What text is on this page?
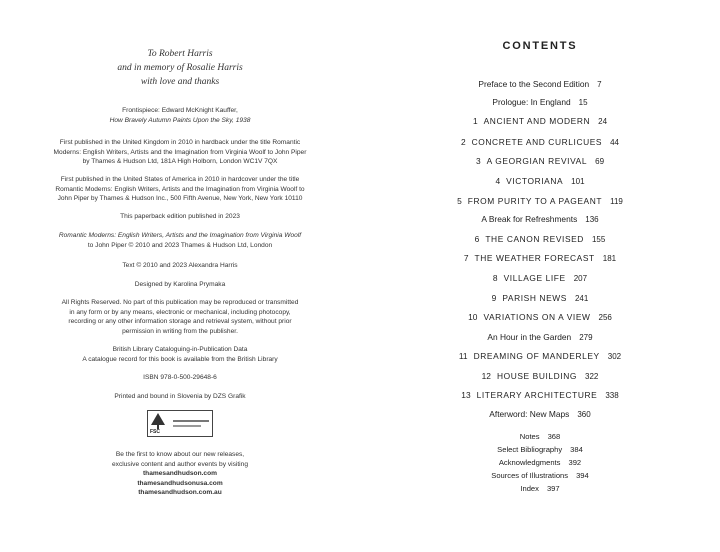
To Robert Harris
and in memory of Rosalie Harris
with love and thanks
Frontispiece: Edward McKnight Kauffer,
How Bravely Autumn Paints Upon the Sky, 1938
First published in the United Kingdom in 2010 in hardback under the title Romantic
Moderns: English Writers, Artists and the Imagination from Virginia Woolf to John Piper
by Thames & Hudson Ltd, 181A High Holborn, London WC1V 7QX
First published in the United States of America in 2010 in hardcover under the title
Romantic Moderns: English Writers, Artists and the Imagination from Virginia Woolf to
John Piper by Thames & Hudson Inc., 500 Fifth Avenue, New York, New York 10110
This paperback edition published in 2023
Romantic Moderns: English Writers, Artists and the Imagination from Virginia Woolf
to John Piper © 2010 and 2023 Thames & Hudson Ltd, London
Text © 2010 and 2023 Alexandra Harris
Designed by Karolina Prymaka
All Rights Reserved. No part of this publication may be reproduced or transmitted
in any form or by any means, electronic or mechanical, including photocopy,
recording or any other information storage and retrieval system, without prior
permission in writing from the publisher.
British Library Cataloguing-in-Publication Data
A catalogue record for this book is available from the British Library
ISBN 978-0-500-29648-6
Printed and bound in Slovenia by DZS Grafik
FSC
Be the first to know about our new releases,
exclusive content and author events by visiting
thamesandhudson.com
thamesandhudsonusa.com
thamesandhudson.com.au
CONTENTS
Preface to the Second Edition 7
Prologue: In England 15
1 ANCIENT AND MODERN 24
2 CONCRETE AND CURLICUES 44
3 A GEORGIAN REVIVAL 69
4 VICTORIANA 101
5 FROM PURITY TO A PAGEANT 119
A Break for Refreshments 136
6 THE CANON REVISED 155
7 THE WEATHER FORECAST 181
8 VILLAGE LIFE 207
9 PARISH NEWS 241
10 VARIATIONS ON A VIEW 256
An Hour in the Garden 279
11 DREAMING OF MANDERLEY 302
12 HOUSE BUILDING 322
13 LITERARY ARCHITECTURE 338
Afterword: New Maps 360
Notes 368
Select Bibliography 384
Acknowledgments 392
Sources of Illustrations 394
Index 397
